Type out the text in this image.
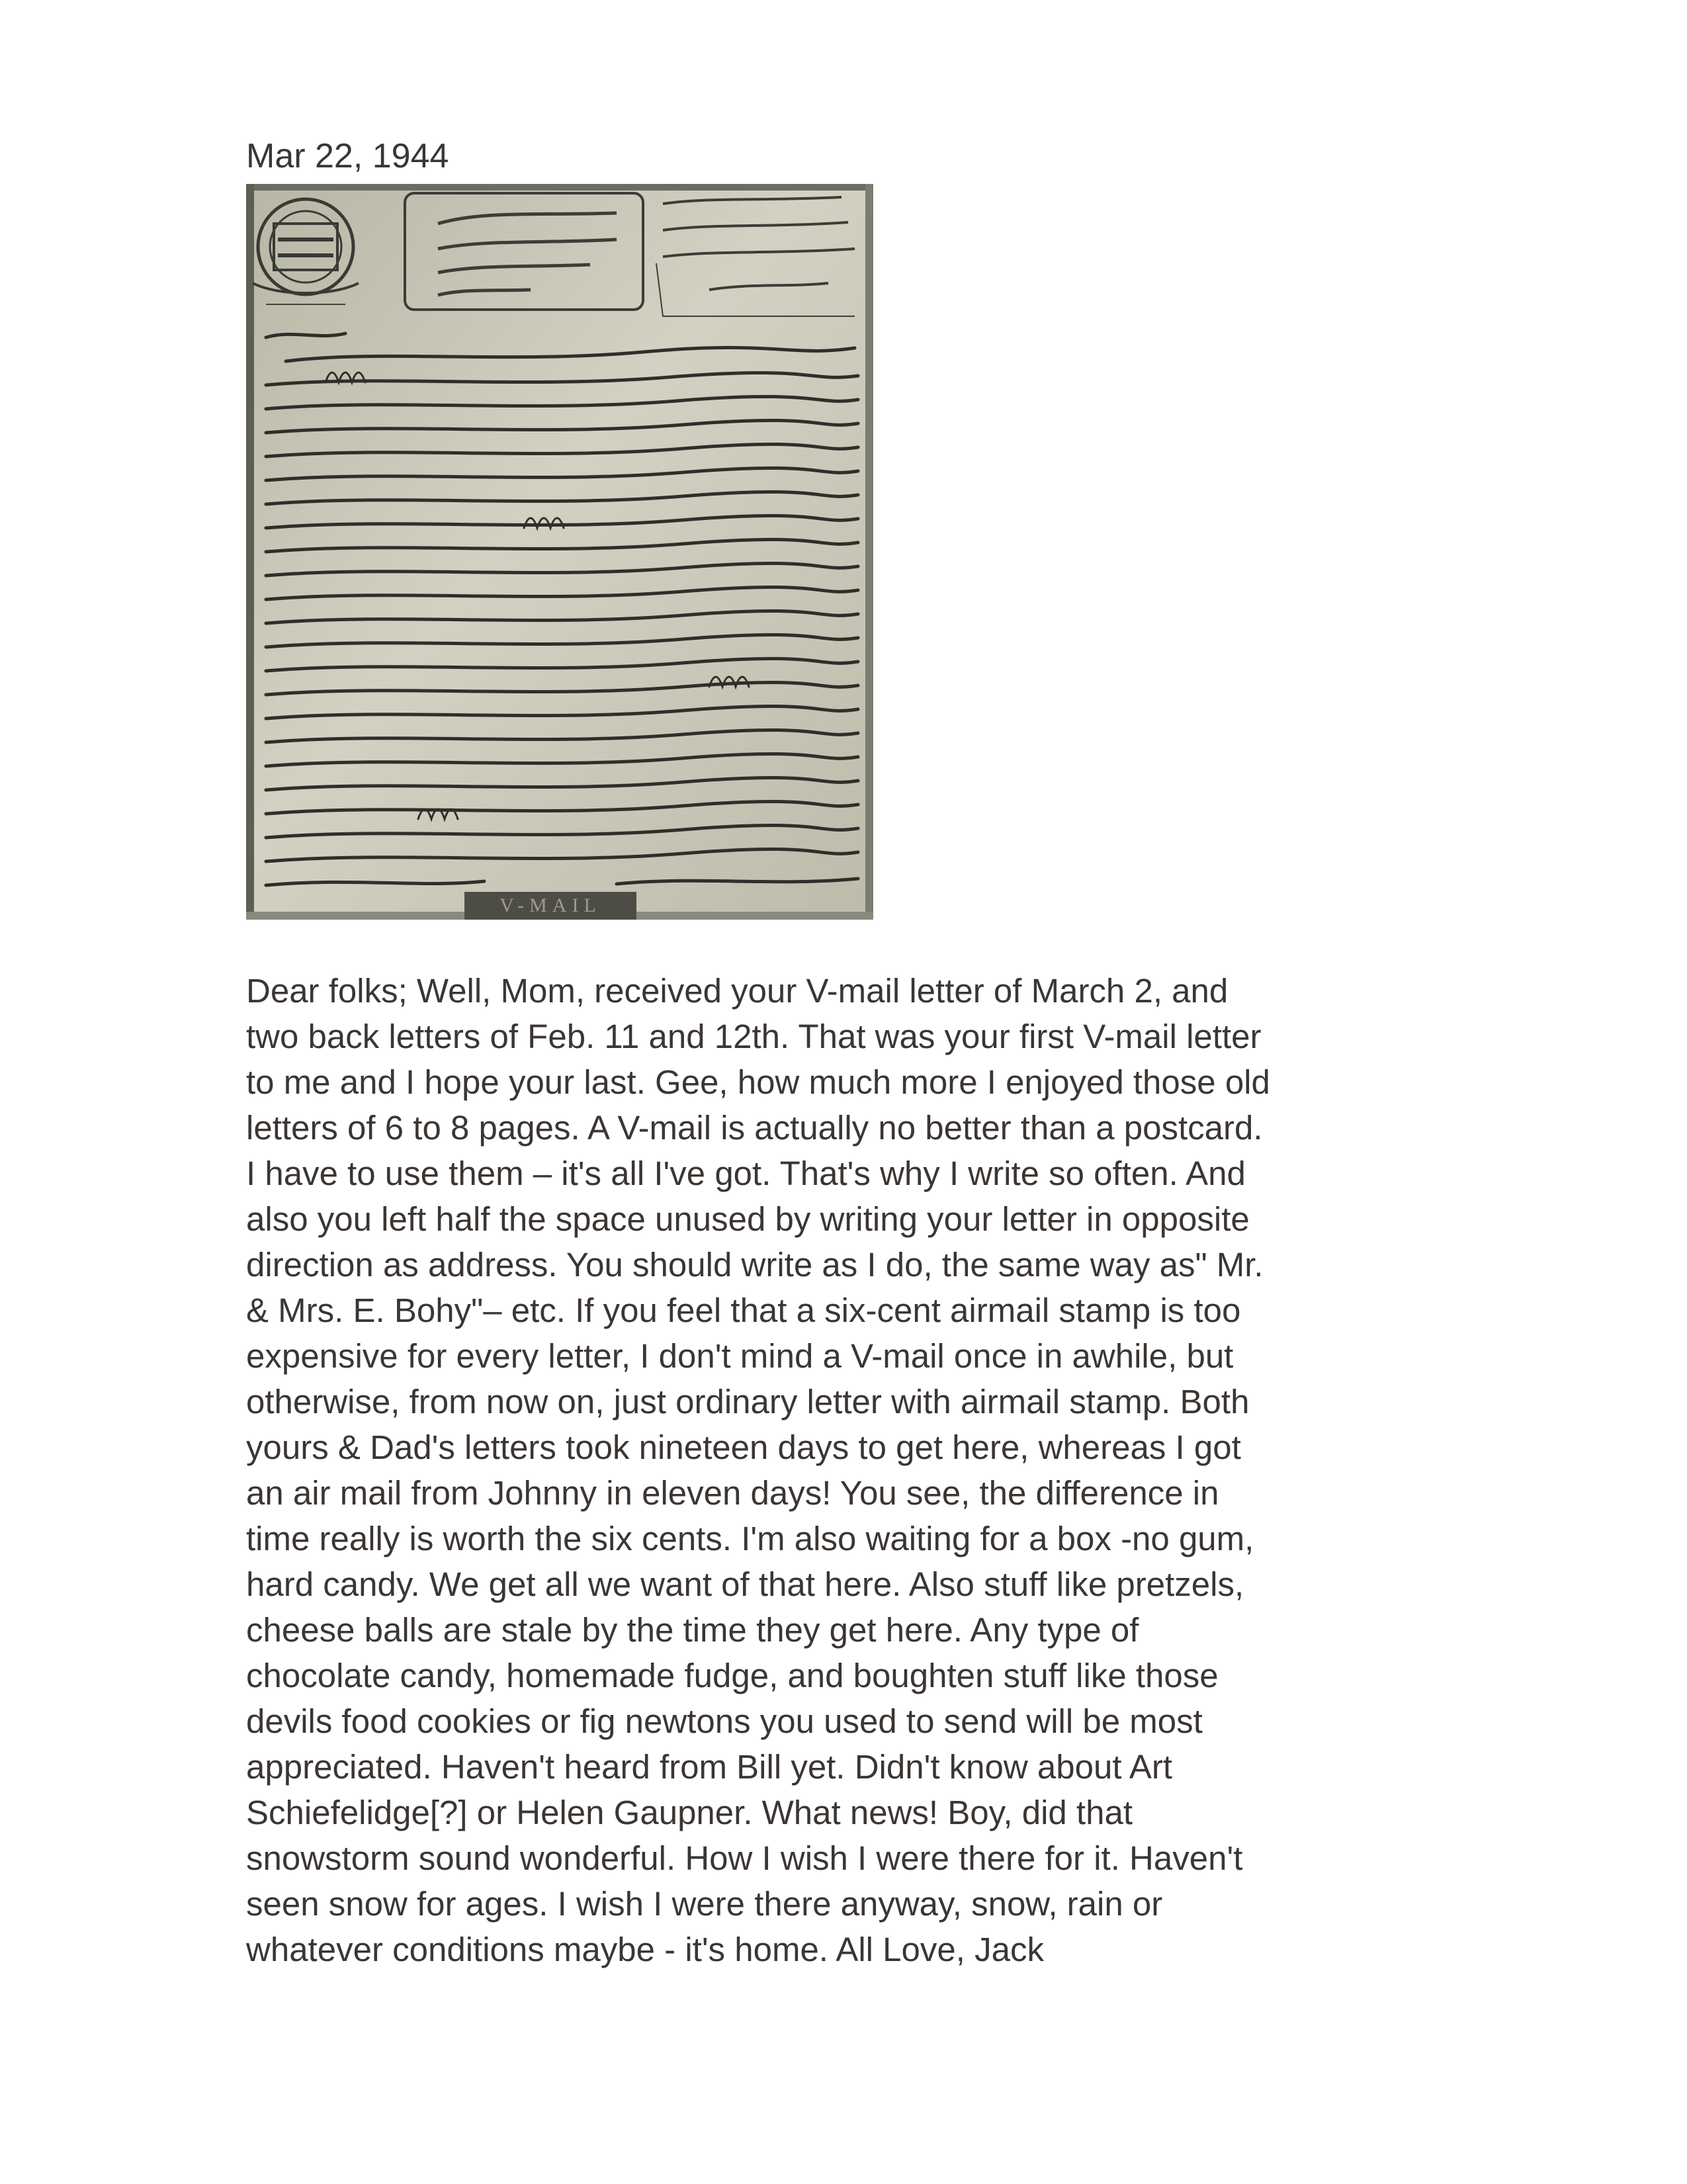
Mar 22, 1944
V-MAIL
Dear folks; Well, Mom, received your V-mail letter of March 2, and
two back letters of Feb. 11 and 12th. That was your first V-mail letter
to me and I hope your last. Gee, how much more I enjoyed those old
letters of 6 to 8 pages. A V-mail is actually no better than a postcard.
I have to use them – it's all I've got. That's why I write so often. And
also you left half the space unused by writing your letter in opposite
direction as address. You should write as I do, the same way as" Mr.
& Mrs. E. Bohy"– etc. If you feel that a six-cent airmail stamp is too
expensive for every letter, I don't mind a V-mail once in awhile, but
otherwise, from now on, just ordinary letter with airmail stamp. Both
yours & Dad's letters took nineteen days to get here, whereas I got
an air mail from Johnny in eleven days! You see, the difference in
time really is worth the six cents. I'm also waiting for a box -no gum,
hard candy. We get all we want of that here. Also stuff like pretzels,
cheese balls are stale by the time they get here. Any type of
chocolate candy, homemade fudge, and boughten stuff like those
devils food cookies or fig newtons you used to send will be most
appreciated. Haven't heard from Bill yet. Didn't know about Art
Schiefelidge[?] or Helen Gaupner. What news! Boy, did that
snowstorm sound wonderful. How I wish I were there for it. Haven't
seen snow for ages. I wish I were there anyway, snow, rain or
whatever conditions maybe - it's home. All Love, Jack
